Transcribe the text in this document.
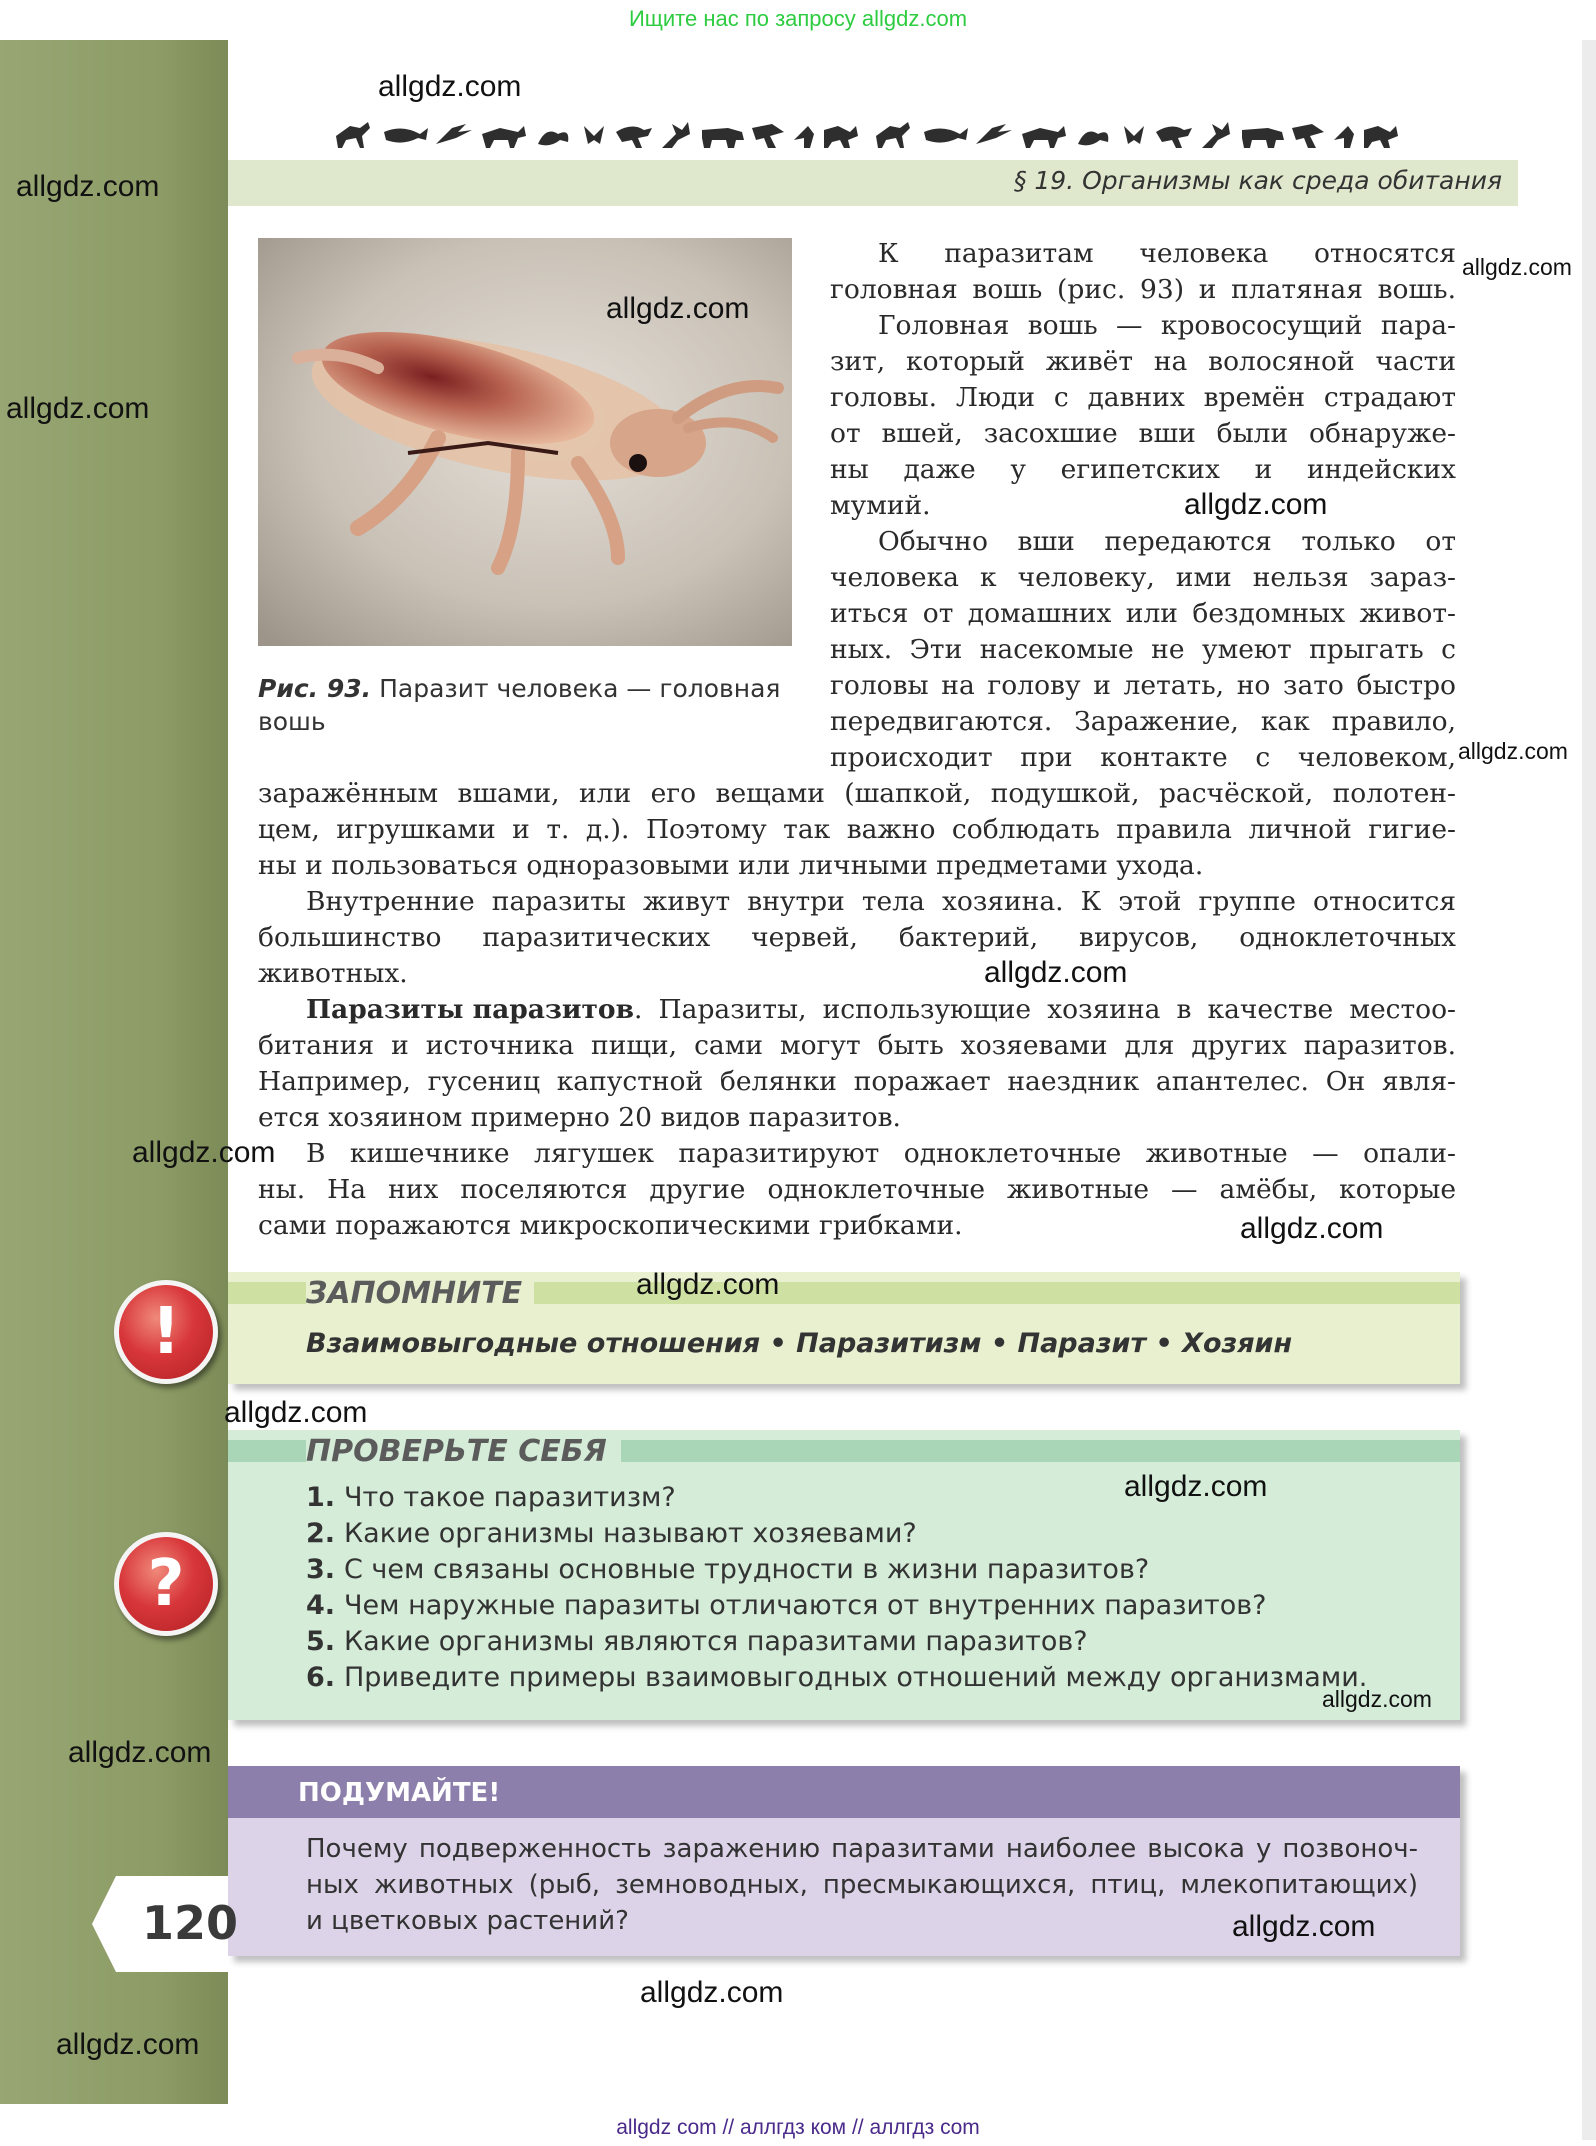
Ищите нас по запросу allgdz.com
§ 19. Организмы как среда обитания
Рис. 93. Паразит человека — головная
вошь
К паразитам человека относятся
головная вошь (рис. 93) и платяная вошь.
Головная вошь — кровососущий пара-
зит, который живёт на волосяной части
головы. Люди с давних времён страдают
от вшей, засохшие вши были обнаруже-
ны даже у египетских и индейских
мумий.
Обычно вши передаются только от
человека к человеку, ими нельзя зараз-
иться от домашних или бездомных живот-
ных. Эти насекомые не умеют прыгать с
головы на голову и летать, но зато быстро
передвигаются. Заражение, как правило,
происходит при контакте с человеком,
заражённым вшами, или его вещами (шапкой, подушкой, расчёской, полотен-
цем, игрушками и т. д.). Поэтому так важно соблюдать правила личной гигие-
ны и пользоваться одноразовыми или личными предметами ухода.
Внутренние паразиты живут внутри тела хозяина. К этой группе относится
большинство паразитических червей, бактерий, вирусов, одноклеточных
животных.
Паразиты паразитов . Паразиты, использующие хозяина в качестве местоо-
битания и источника пищи, сами могут быть хозяевами для других паразитов.
Например, гусениц капустной белянки поражает наездник апантелес. Он явля-
ется хозяином примерно 20 видов паразитов.
В кишечнике лягушек паразитируют одноклеточные животные — опали-
ны. На них поселяются другие одноклеточные животные — амёбы, которые
сами поражаются микроскопическими грибками.
!
ЗАПОМНИТЕ
Взаимовыгодные отношения • Паразитизм • Паразит • Хозяин
?
ПРОВЕРЬТЕ СЕБЯ
1. Что такое паразитизм?
2. Какие организмы называют хозяевами?
3. С чем связаны основные трудности в жизни паразитов?
4. Чем наружные паразиты отличаются от внутренних паразитов?
5. Какие организмы являются паразитами паразитов?
6. Приведите примеры взаимовыгодных отношений между организмами.
ПОДУМАЙТЕ!
Почему подверженность заражению паразитами наиболее высока у позвоноч-
ных животных (рыб, земноводных, пресмыкающихся, птиц, млекопитающих)
и цветковых растений?
120
allgdz.com
allgdz.com
allgdz.com
allgdz.com
allgdz.com
allgdz.com
allgdz.com
allgdz.com
allgdz.com
allgdz.com
allgdz.com
allgdz.com
allgdz.com
allgdz.com
allgdz.com
allgdz.com
allgdz.com
allgdz.com
allgdz com // аллгдз ком // аллгдз com
